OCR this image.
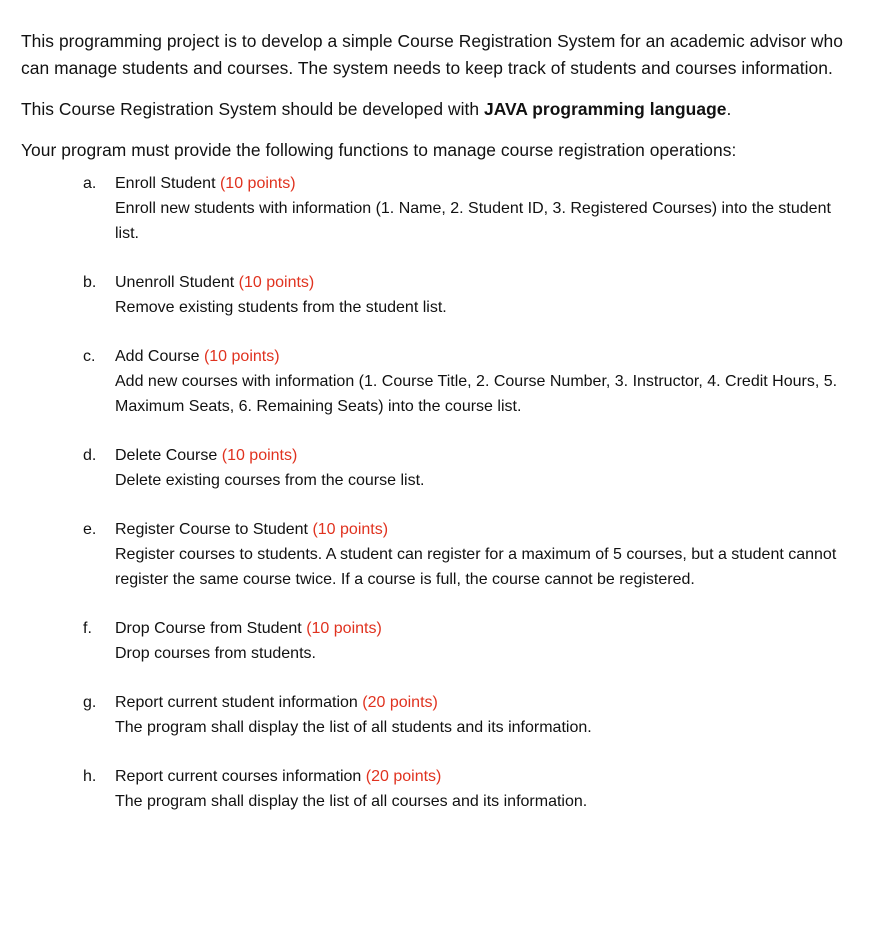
This programming project is to develop a simple Course Registration System for an academic advisor who can manage students and courses. The system needs to keep track of students and courses information.

This Course Registration System should be developed with JAVA programming language.

Your program must provide the following functions to manage course registration operations:

a. Enroll Student (10 points)

Enroll new students with information (1. Name, 2. Student ID, 3. Registered Courses) into the student list.

b. Unenroll Student (10 points)

Remove existing students from the student list.

c. Add Course (10 points)

Add new courses with information (1. Course Title, 2. Course Number, 3. Instructor, 4. Credit Hours, 5. Maximum Seats, 6. Remaining Seats) into the course list.

d. Delete Course (10 points)

Delete existing courses from the course list.

e. Register Course to Student (10 points)

Register courses to students. A student can register for a maximum of 5 courses, but a student cannot register the same course twice. If a course is full, the course cannot be registered.

f. Drop Course from Student (10 points)

Drop courses from students.

g. Report current student information (20 points)

The program shall display the list of all students and its information.

h. Report current courses information (20 points)

The program shall display the list of all courses and its information.
